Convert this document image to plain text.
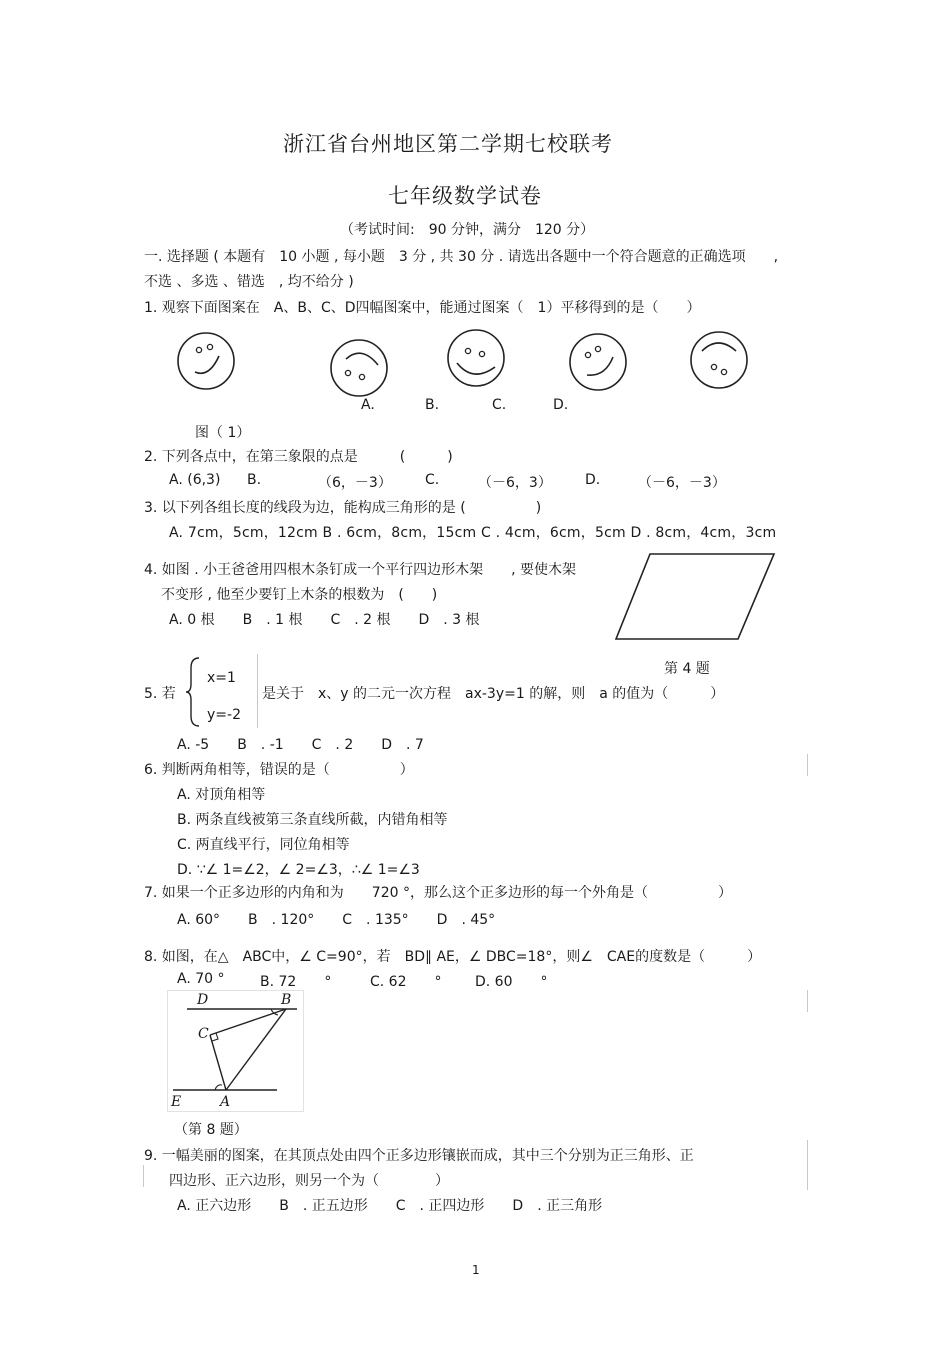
浙江省台州地区第二学期七校联考
七年级数学试卷
（考试时间:　90 分钟，满分　120 分）
一. 选择题 ( 本题有　10 小题 , 每小题　3 分 , 共 30 分 . 请选出各题中一个符合题意的正确选项　　,
不选 、多选 、错选　, 均不给分 )
1. 观察下面图案在　A、B、C、D四幅图案中，能通过图案（　1）平移得到的是（　　）
A.	B.	C.	D.
图（ 1）
2. 下列各点中，在第三象限的点是　　　(　　　)
A. (6,3) B.	（6，－3） C.	（－6，3） D.	（－6，－3）
3. 以下列各组长度的线段为边，能构成三角形的是 (　　　　　)
A. 7cm，5cm，12cm B . 6cm，8cm，15cm C . 4cm，6cm，5cm D . 8cm，4cm，3cm
4. 如图 . 小王爸爸用四根木条钉成一个平行四边形木架　　, 要使木架
不变形 , 他至少要钉上木条的根数为　(　　)
A. 0 根　　B　. 1 根　　C　. 2 根　　D　. 3 根
第 4 题
5. 若
x=1
y=-2
是关于　x、y 的二元一次方程　ax-3y=1 的解，则　a 的值为（　　　）
A. -5　　B　. -1　　C　. 2　　D　. 7
6. 判断两角相等，错误的是（　　　　　）
A. 对顶角相等
B. 两条直线被第三条直线所截，内错角相等
C. 两直线平行，同位角相等
D. ∵∠ 1=∠2，∠ 2=∠3，∴∠ 1=∠3
7. 如果一个正多边形的内角和为　　720 °，那么这个正多边形的每一个外角是（　　　　　）
A. 60°　　B　. 120°　　C　. 135°　　D　. 45°
8. 如图，在△　ABC中，∠ C=90°，若　BD∥ AE，∠ DBC=18°，则∠　CAE的度数是（　　　）
A. 70 °	B. 72　　°	C. 62　　° D. 60　　°
D	B
C
E	A
（第 8 题）
9. 一幅美丽的图案，在其顶点处由四个正多边形镶嵌而成，其中三个分别为正三角形、正
四边形、正六边形，则另一个为（　　　　）
A. 正六边形　　B　. 正五边形　　C　. 正四边形　　D　. 正三角形
1
